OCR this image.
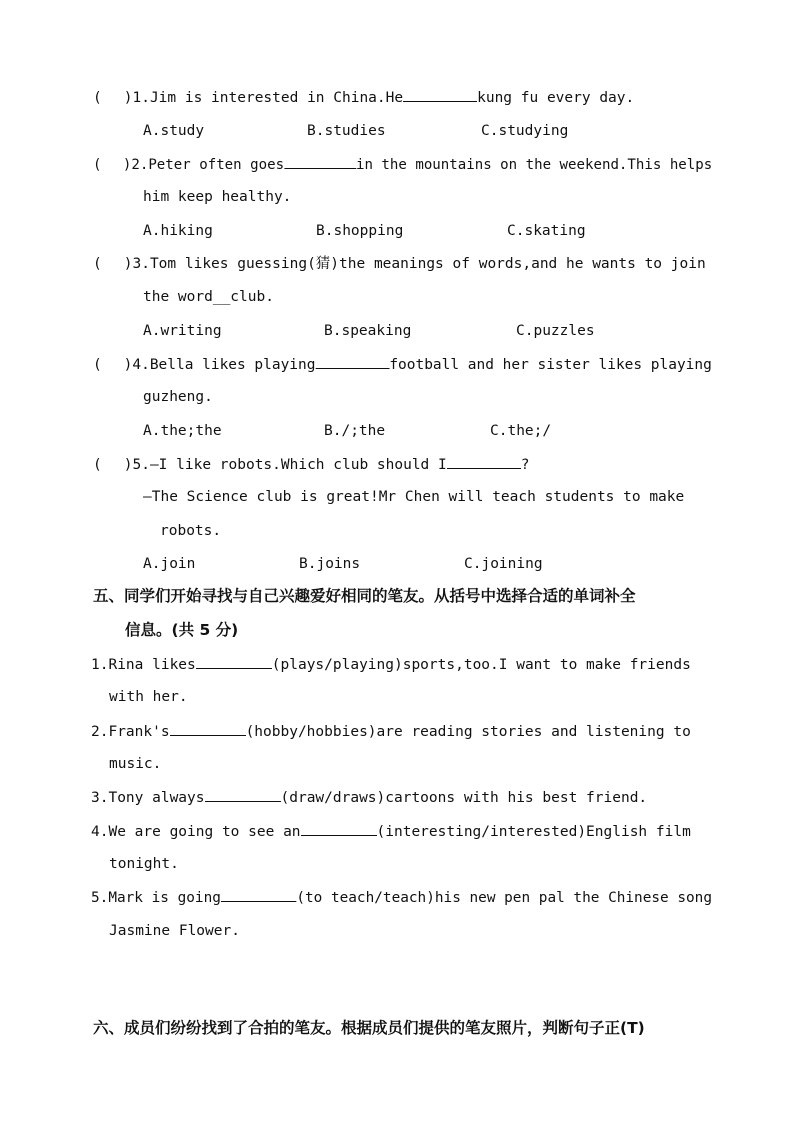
( )1.Jim is interested in China.He	kung fu every day.
A.study	B.studies	C.studying
( )2.Peter often goes	in the mountains on the weekend.This helps
him keep healthy.
A.hiking	B.shopping	C.skating
( )3.Tom likes guessing(猜)the meanings of words,and he wants to join
the word__club.
A.writing	B.speaking	C.puzzles
( )4.Bella likes playing	football and her sister likes playing
guzheng.
A.the;the	B./;the	C.the;/
( )5.—I like robots.Which club should I	?
—The Science club is great!Mr Chen will teach students to make
robots.
A.join	B.joins	C.joining
五、同学们开始寻找与自己兴趣爱好相同的笔友。从括号中选择合适的单词补全
信息。(共 5 分)
1.Rina likes	(plays/playing)sports,too.I want to make friends
with her.
2.Frank's	(hobby/hobbies)are reading stories and listening to
music.
3.Tony always	(draw/draws)cartoons with his best friend.
4.We are going to see an	(interesting/interested)English film
tonight.
5.Mark is going	(to teach/teach)his new pen pal the Chinese song
Jasmine Flower.
六、成员们纷纷找到了合拍的笔友。根据成员们提供的笔友照片，判断句子正(T)
